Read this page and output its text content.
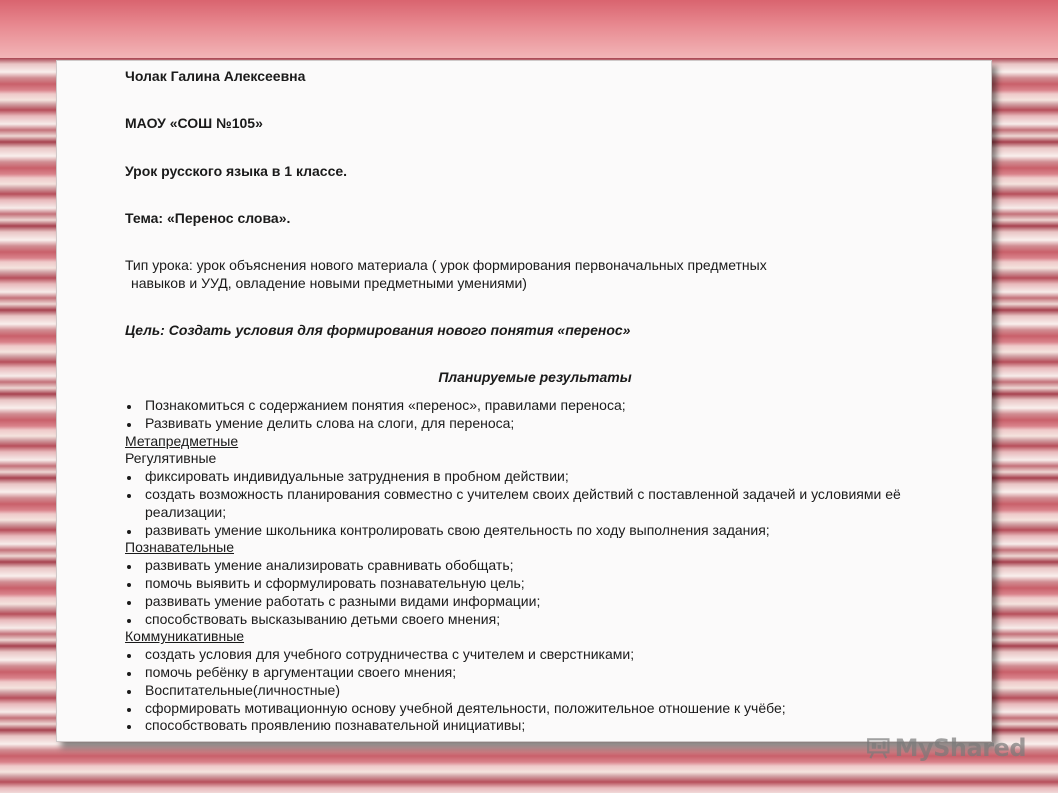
Чолак Галина Алексеевна

МАОУ «СОШ №105»

Урок русского языка в 1 классе.

Тема: «Перенос слова».

Тип урока: урок объяснения нового материала ( урок формирования первоначальных предметных
навыков и УУД, овладение новыми предметными умениями)

Цель: Создать условия для формирования нового понятия «перенос»

Планируемые результаты

Познакомиться с содержанием понятия «перенос», правилами переноса;
Развивать умение делить слова на слоги, для переноса;
Метапредметные
Регулятивные
фиксировать индивидуальные затруднения в пробном действии;
создать возможность планирования совместно с учителем своих действий с поставленной задачей и условиями её реализации;
развивать умение школьника контролировать свою деятельность по ходу выполнения задания;
Познавательные
развивать умение анализировать сравнивать обобщать;
помочь выявить и сформулировать познавательную цель;
развивать умение работать с разными видами информации;
способствовать высказыванию детьми своего мнения;
Коммуникативные
создать условия для учебного сотрудничества с учителем и сверстниками;
помочь ребёнку в аргументации своего мнения;
Воспитательные(личностные)
сформировать мотивационную основу учебной деятельности, положительное отношение к учёбе;
способствовать проявлению познавательной инициативы;
MyShared
